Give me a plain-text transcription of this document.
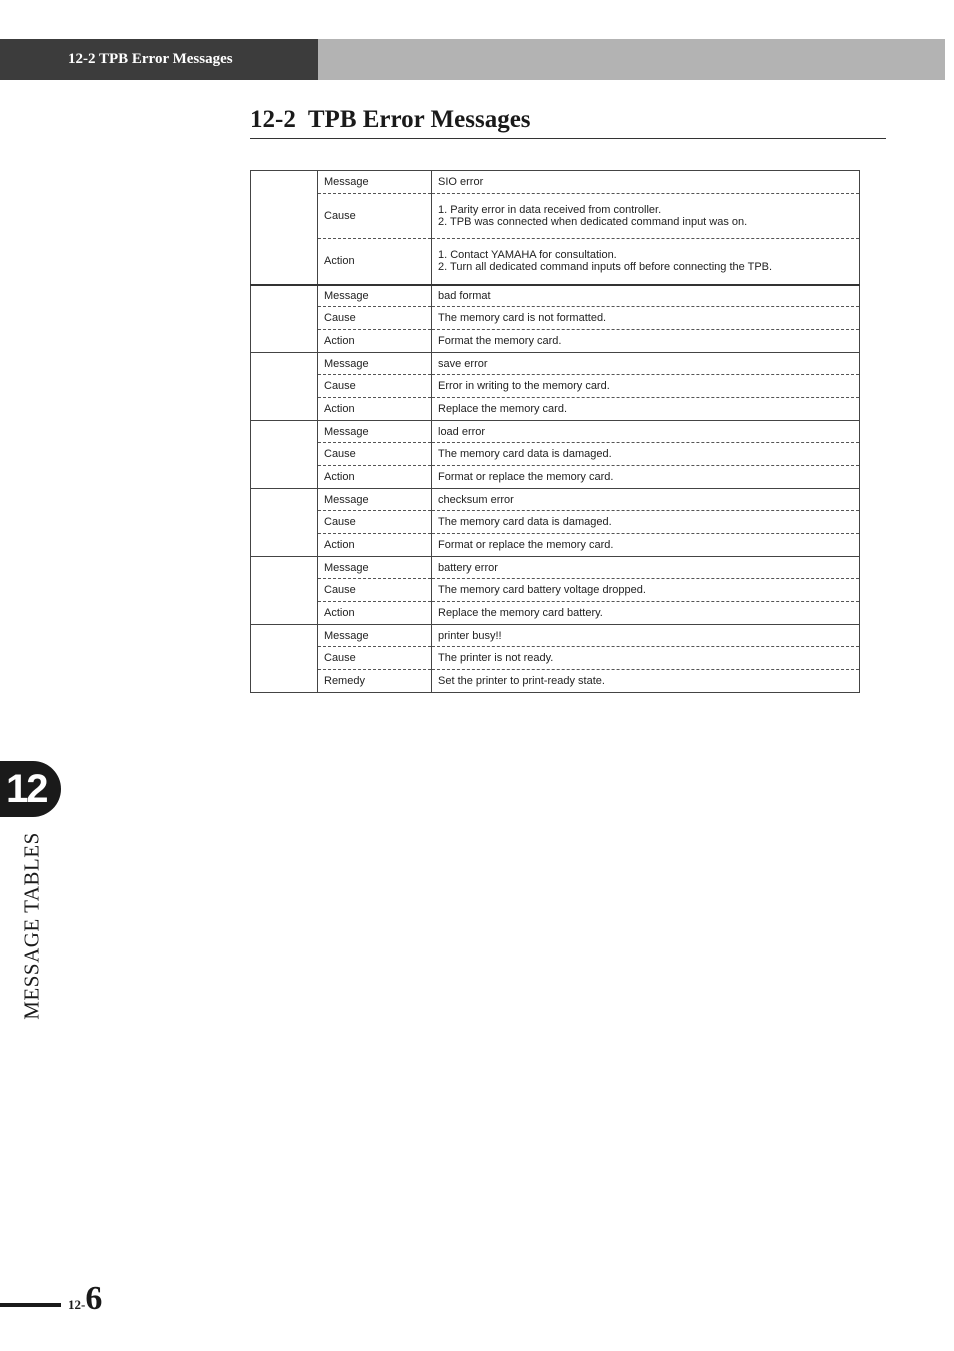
12-2 TPB Error Messages
12-2  TPB Error Messages
	Message	SIO error

	Cause	1. Parity error in data received from controller.
2. TPB was connected when dedicated command input was on.

	Action	1. Contact YAMAHA for consultation.
2. Turn all dedicated command inputs off before connecting the TPB.

	Message	bad format

	Cause	The memory card is not formatted.

	Action	Format the memory card.

	Message	save error

	Cause	Error in writing to the memory card.

	Action	Replace the memory card.

	Message	load error

	Cause	The memory card data is damaged.

	Action	Format or replace the memory card.

	Message	checksum error

	Cause	The memory card data is damaged.

	Action	Format or replace the memory card.

	Message	battery error

	Cause	The memory card battery voltage dropped.

	Action	Replace the memory card battery.

	Message	printer busy!!

	Cause	The printer is not ready.

	Remedy	Set the printer to print-ready state.
12
MESSAGE TABLES
12-6
